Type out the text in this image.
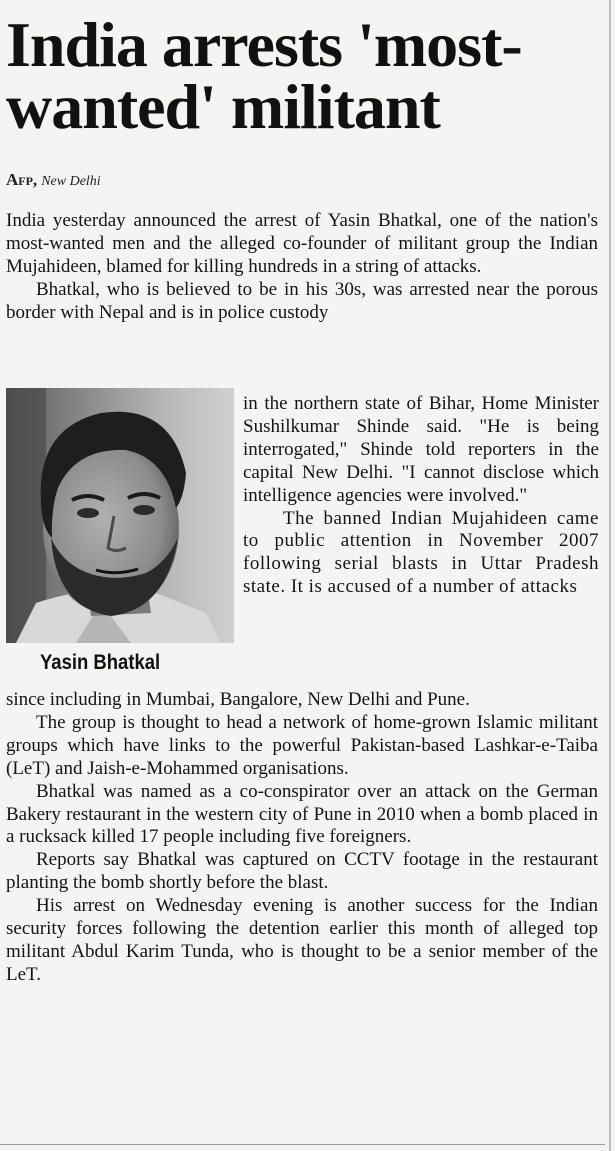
India arrests 'most-
wanted' militant
Afp, New Delhi

India yesterday announced the arrest of Yasin Bhatkal, one of the nation's most-wanted men and the alleged co-founder of militant group the Indian Mujahideen, blamed for killing hundreds in a string of attacks.

Bhatkal, who is believed to be in his 30s, was arrested near the porous border with Nepal and is in police custody

Yasin Bhatkal

in the northern state of Bihar, Home Minister Sushilkumar Shinde said. "He is being interrogated," Shinde told reporters in the capital New Delhi. "I cannot disclose which intelligence agencies were involved."

The banned Indian Mujahideen came to public attention in November 2007 following serial blasts in Uttar Pradesh state. It is accused of a number of attacks

since including in Mumbai, Bangalore, New Delhi and Pune.

The group is thought to head a network of home-grown Islamic militant groups which have links to the powerful Pakistan-based Lashkar-e-Taiba (LeT) and Jaish-e-Mohammed organisations.

Bhatkal was named as a co-conspirator over an attack on the German Bakery restaurant in the western city of Pune in 2010 when a bomb placed in a rucksack killed 17 people including five foreigners.

Reports say Bhatkal was captured on CCTV footage in the restaurant planting the bomb shortly before the blast.

His arrest on Wednesday evening is another success for the Indian security forces following the detention earlier this month of alleged top militant Abdul Karim Tunda, who is thought to be a senior member of the LeT.
